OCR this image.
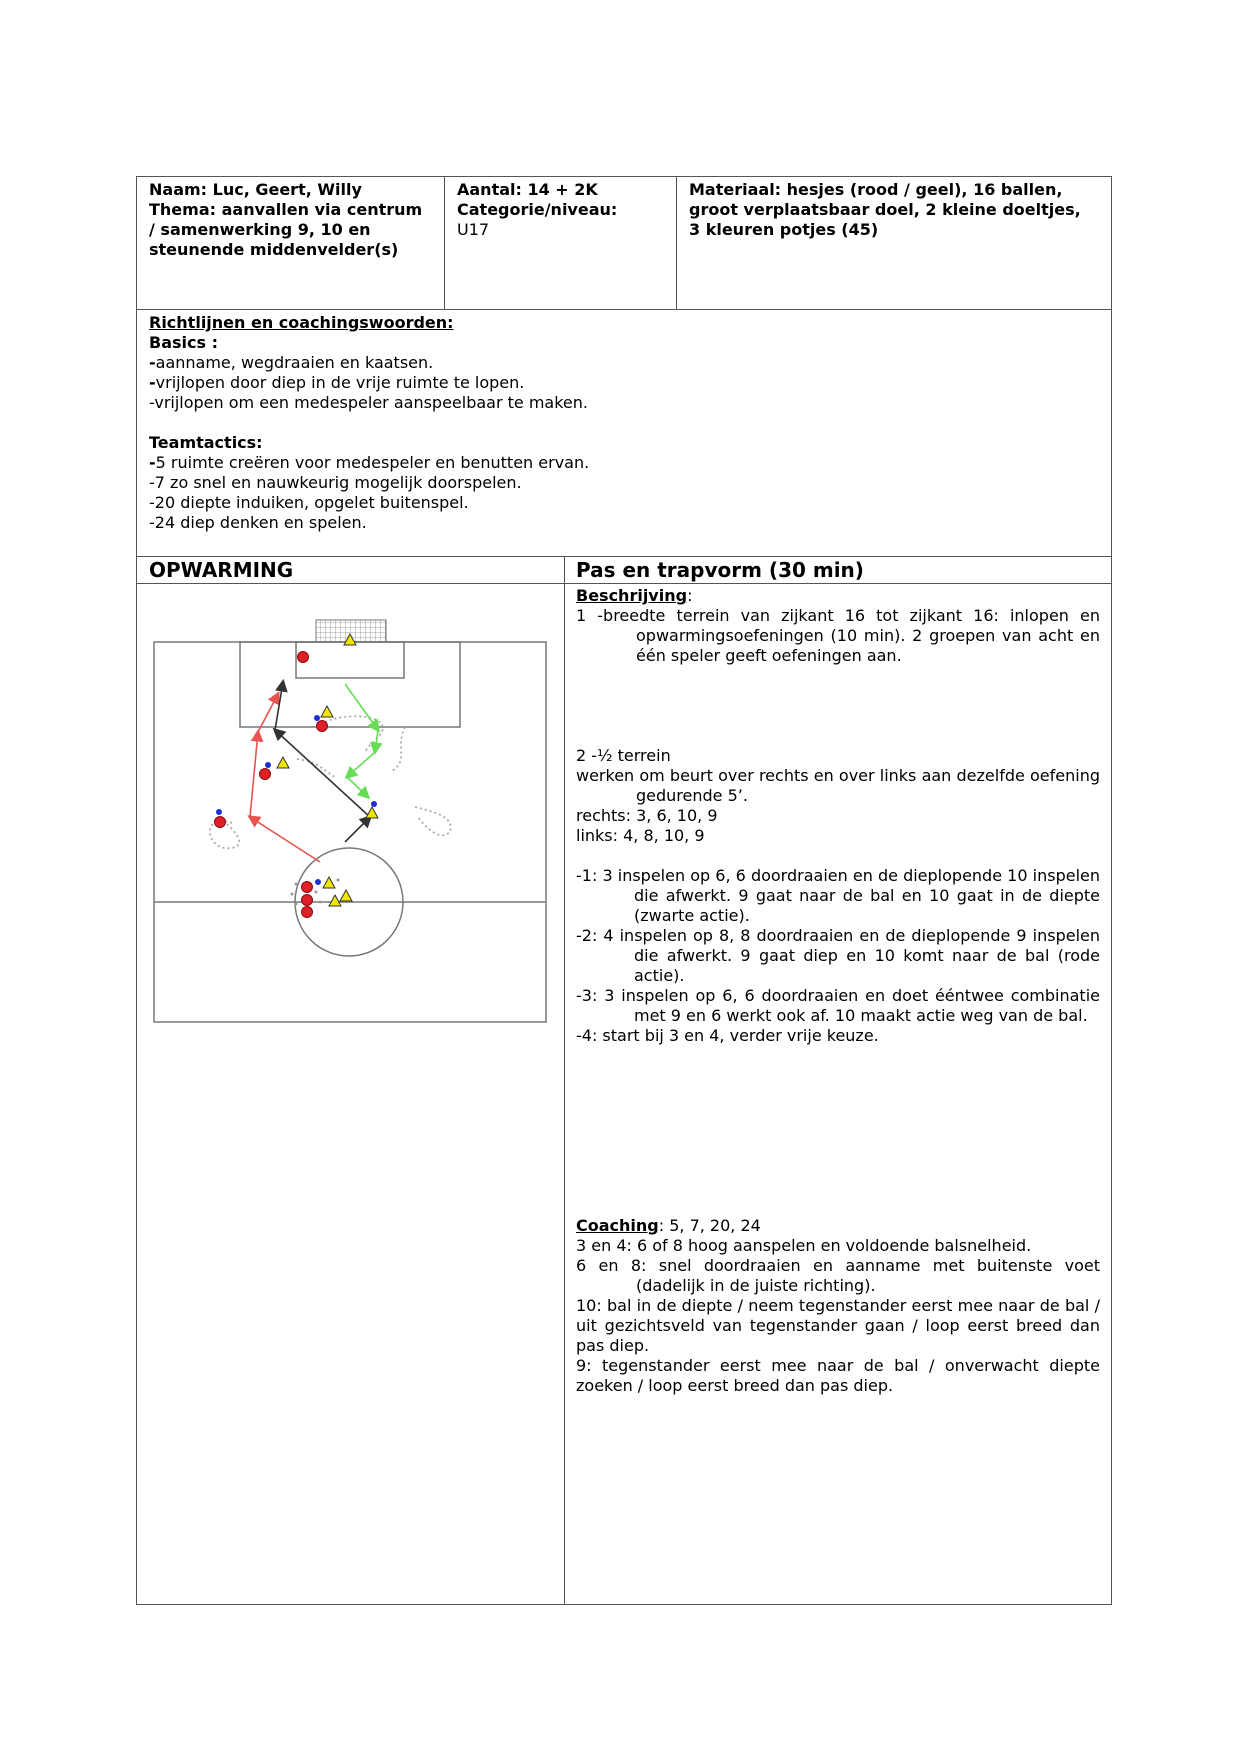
Naam: Luc, Geert, Willy
Thema: aanvallen via centrum
/ samenwerking 9, 10 en
steunende middenvelder(s)
Aantal: 14 + 2K
Categorie/niveau:
U17
Materiaal: hesjes (rood / geel), 16 ballen,
groot verplaatsbaar doel, 2 kleine doeltjes,
3 kleuren potjes (45)
Richtlijnen en coachingswoorden:
Basics :
-aanname, wegdraaien en kaatsen.
-vrijlopen door diep in de vrije ruimte te lopen.
-vrijlopen om een medespeler aanspeelbaar te maken.
Teamtactics:
-5 ruimte creëren voor medespeler en benutten ervan.
-7 zo snel en nauwkeurig mogelijk doorspelen.
-20 diepte induiken, opgelet buitenspel.
-24 diep denken en spelen.
OPWARMING	Pas en trapvorm (30 min)
Beschrijving:
1 -breedte terrein van zijkant 16 tot zijkant 16: inlopen en opwarmingsoefeningen (10 min). 2 groepen van acht en één speler geeft oefeningen aan.
2 -½ terrein
werken om beurt over rechts en over links aan dezelfde oefening gedurende 5’.
rechts: 3, 6, 10, 9
links: 4, 8, 10, 9
-1: 3 inspelen op 6, 6 doordraaien en de dieplopende 10 inspelen die afwerkt. 9 gaat naar de bal en 10 gaat in de diepte (zwarte actie).
-2: 4 inspelen op 8, 8 doordraaien en de dieplopende 9 inspelen die afwerkt. 9 gaat diep en 10 komt naar de bal (rode actie).
-3: 3 inspelen op 6, 6 doordraaien en doet ééntwee combinatie met 9 en 6 werkt ook af. 10 maakt actie weg van de bal.
-4: start bij 3 en 4, verder vrije keuze.
Coaching: 5, 7, 20, 24
3 en 4: 6 of 8 hoog aanspelen en voldoende balsnelheid.
6 en 8: snel doordraaien en aanname met buitenste voet (dadelijk in de juiste richting).
10: bal in de diepte / neem tegenstander eerst mee naar de bal / uit gezichtsveld van tegenstander gaan / loop eerst breed dan pas diep.
9: tegenstander eerst mee naar de bal / onverwacht diepte zoeken / loop eerst breed dan pas diep.
